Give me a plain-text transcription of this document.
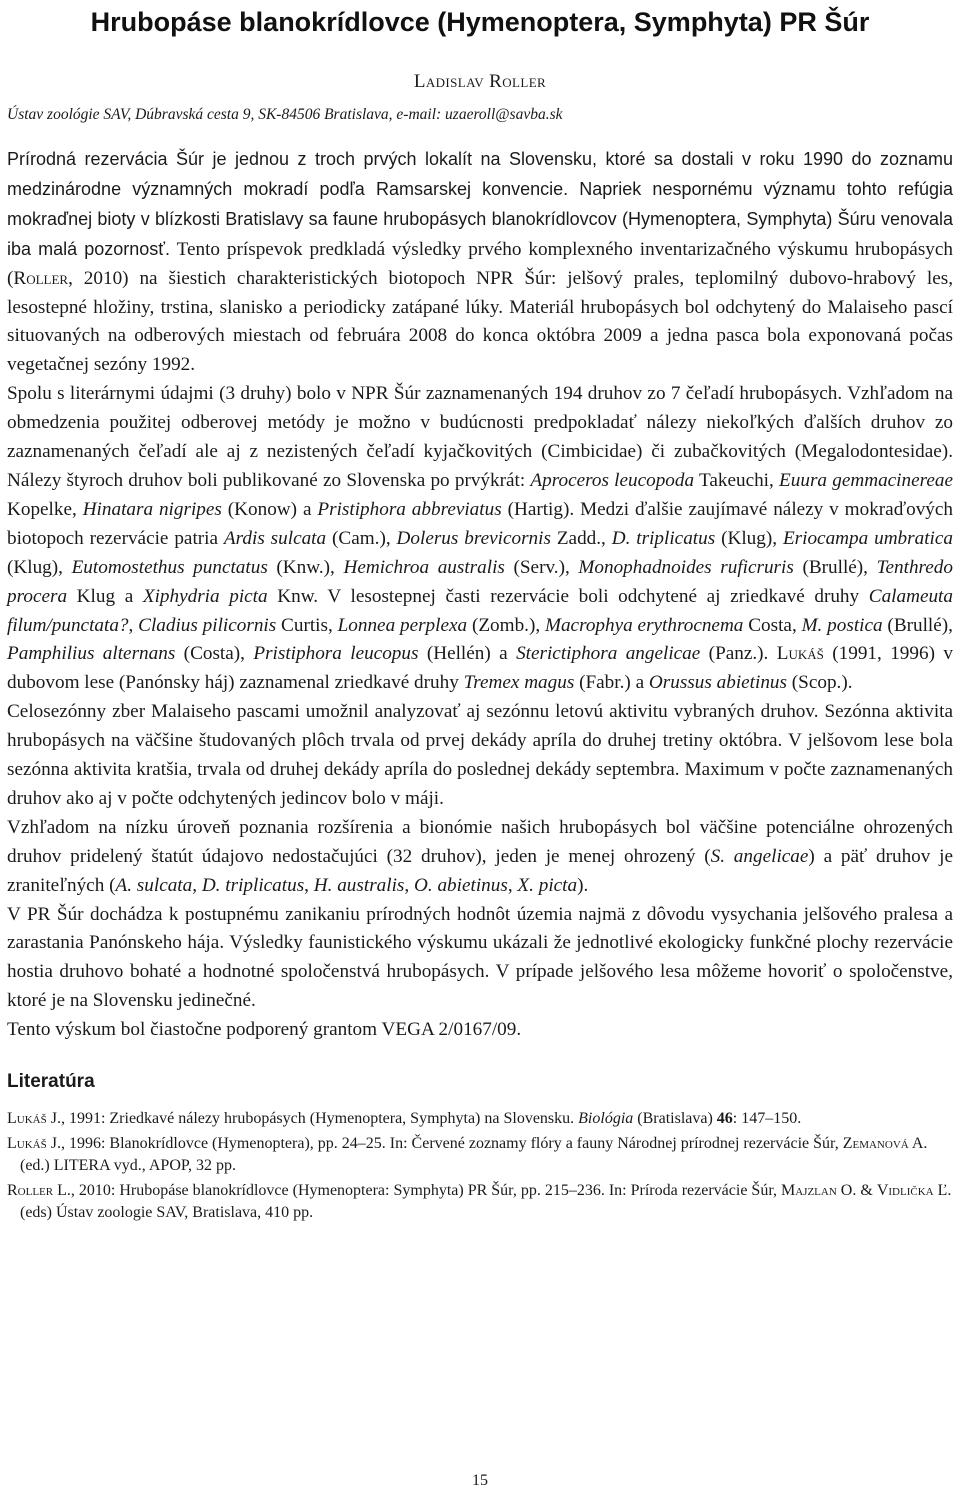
Hrubopáse blanokrídlovce (Hymenoptera, Symphyta) PR Šúr
Ladislav Roller
Ústav zoológie SAV, Dúbravská cesta 9, SK-84506 Bratislava, e-mail: uzaeroll@savba.sk

Prírodná rezervácia Šúr je jednou z troch prvých lokalít na Slovensku, ktoré sa dostali v roku 1990 do zoznamu medzinárodne významných mokradí podľa Ramsarskej konvencie. Napriek nespornému významu tohto refúgia mokraďnej bioty v blízkosti Bratislavy sa faune hrubopásych blanokrídlovcov (Hymenoptera, Symphyta) Šúru venovala iba malá pozornosť. Tento príspevok predkladá výsledky prvého komplexného inventarizačného výskumu hrubopásych (Roller, 2010) na šiestich charakteristických biotopoch NPR Šúr: jelšový prales, teplomilný dubovo-hrabový les, lesostepné hložiny, trstina, slanisko a periodicky zatápané lúky. Materiál hrubopásych bol odchytený do Malaiseho pascí situovaných na odberových miestach od februára 2008 do konca októbra 2009 a jedna pasca bola exponovaná počas vegetačnej sezóny 1992.

Spolu s literárnymi údajmi (3 druhy) bolo v NPR Šúr zaznamenaných 194 druhov zo 7 čeľadí hrubopásych. Vzhľadom na obmedzenia použitej odberovej metódy je možno v budúcnosti predpokladať nálezy niekoľkých ďalších druhov zo zaznamenaných čeľadí ale aj z nezistených čeľadí kyjačkovitých (Cimbicidae) či zubačkovitých (Megalodontesidae). Nálezy štyroch druhov boli publikované zo Slovenska po prvýkrát: Aproceros leucopoda Takeuchi, Euura gemmacinereae Kopelke, Hinatara nigripes (Konow) a Pristiphora abbreviatus (Hartig). Medzi ďalšie zaujímavé nálezy v mokraďových biotopoch rezervácie patria Ardis sulcata (Cam.), Dolerus brevicornis Zadd., D. triplicatus (Klug), Eriocampa umbratica (Klug), Eutomostethus punctatus (Knw.), Hemichroa australis (Serv.), Monophadnoides ruficruris (Brullé), Tenthredo procera Klug a Xiphydria picta Knw. V lesostepnej časti rezervácie boli odchytené aj zriedkavé druhy Calameuta filum/punctata?, Cladius pilicornis Curtis, Lonnea perplexa (Zomb.), Macrophya erythrocnema Costa, M. postica (Brullé), Pamphilius alternans (Costa), Pristiphora leucopus (Hellén) a Sterictiphora angelicae (Panz.). Lukáš (1991, 1996) v dubovom lese (Panónsky háj) zaznamenal zriedkavé druhy Tremex magus (Fabr.) a Orussus abietinus (Scop.).

Celosezónny zber Malaiseho pascami umožnil analyzovať aj sezónnu letovú aktivitu vybraných druhov. Sezónna aktivita hrubopásych na väčšine študovaných plôch trvala od prvej dekády apríla do druhej tretiny októbra. V jelšovom lese bola sezónna aktivita kratšia, trvala od druhej dekády apríla do poslednej dekády septembra. Maximum v počte zaznamenaných druhov ako aj v počte odchytených jedincov bolo v máji.

Vzhľadom na nízku úroveň poznania rozšírenia a bionómie našich hrubopásych bol väčšine potenciálne ohrozených druhov pridelený štatút údajovo nedostačujúci (32 druhov), jeden je menej ohrozený (S. angelicae) a päť druhov je zraniteľných (A. sulcata, D. triplicatus, H. australis, O. abietinus, X. picta).

V PR Šúr dochádza k postupnému zanikaniu prírodných hodnôt územia najmä z dôvodu vysychania jelšového pralesa a zarastania Panónskeho hája. Výsledky faunistického výskumu ukázali že jednotlivé ekologicky funkčné plochy rezervácie hostia druhovo bohaté a hodnotné spoločenstvá hrubopásych. V prípade jelšového lesa môžeme hovoriť o spoločenstve, ktoré je na Slovensku jedinečné.

Tento výskum bol čiastočne podporený grantom VEGA 2/0167/09.

Literatúra
Lukáš J., 1991: Zriedkavé nálezy hrubopásych (Hymenoptera, Symphyta) na Slovensku. Biológia (Bratislava) 46: 147–150.
Lukáš J., 1996: Blanokrídlovce (Hymenoptera), pp. 24–25. In: Červené zoznamy flóry a fauny Národnej prírodnej rezervácie Šúr, Zemanová A. (ed.) LITERA vyd., APOP, 32 pp.
Roller L., 2010: Hrubopáse blanokrídlovce (Hymenoptera: Symphyta) PR Šúr, pp. 215–236. In: Príroda rezervácie Šúr, Majzlan O. & Vidlička Ľ. (eds) Ústav zoologie SAV, Bratislava, 410 pp.
15
